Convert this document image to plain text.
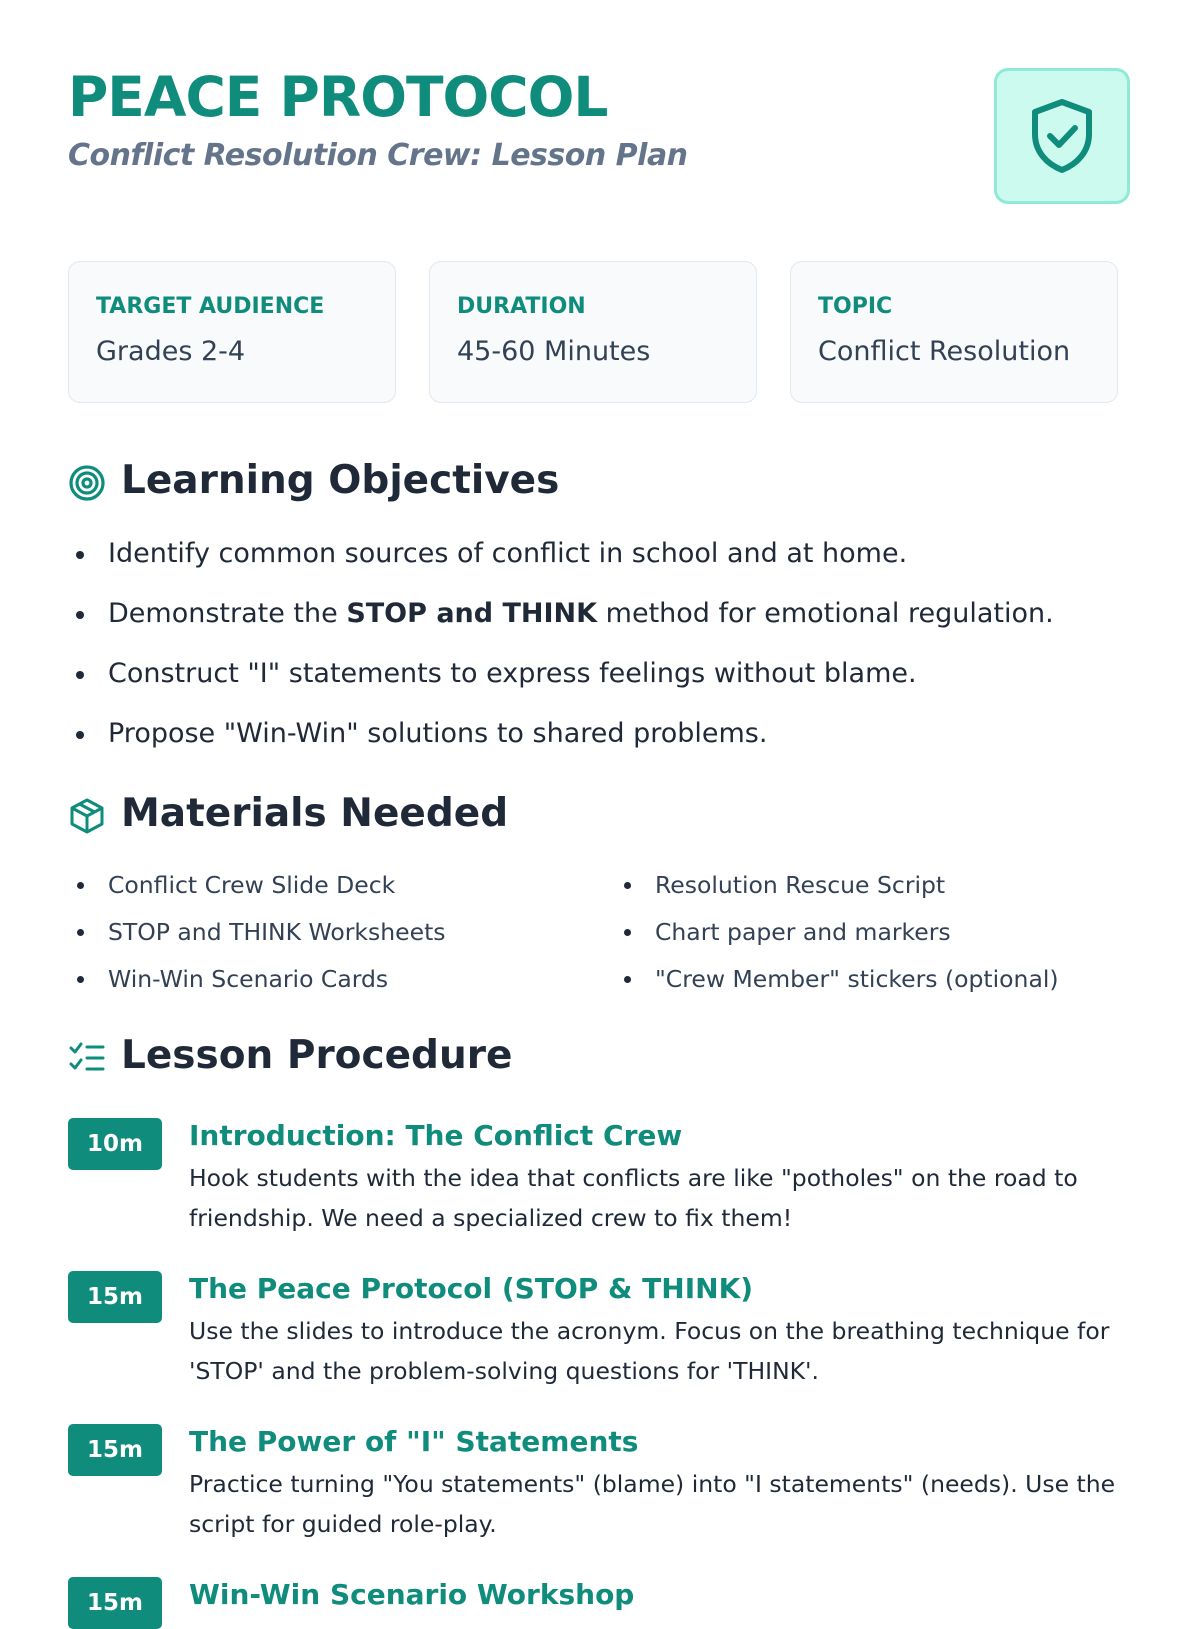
PEACE PROTOCOL
Conflict Resolution Crew: Lesson Plan
TARGET AUDIENCE
Grades 2-4
DURATION
45-60 Minutes
TOPIC
Conflict Resolution
Learning Objectives
Identify common sources of conflict in school and at home.
Demonstrate the STOP and THINK method for emotional regulation.
Construct "I" statements to express feelings without blame.
Propose "Win-Win" solutions to shared problems.
Materials Needed
Conflict Crew Slide Deck
STOP and THINK Worksheets
Win-Win Scenario Cards
Resolution Rescue Script
Chart paper and markers
"Crew Member" stickers (optional)
Lesson Procedure
10m	Introduction: The Conflict Crew
Hook students with the idea that conflicts are like "potholes" on the road to friendship. We need a specialized crew to fix them!
15m	The Peace Protocol (STOP & THINK)
Use the slides to introduce the acronym. Focus on the breathing technique for 'STOP' and the problem-solving questions for 'THINK'.
15m	The Power of "I" Statements
Practice turning "You statements" (blame) into "I statements" (needs). Use the script for guided role-play.
15m	Win-Win Scenario Workshop
